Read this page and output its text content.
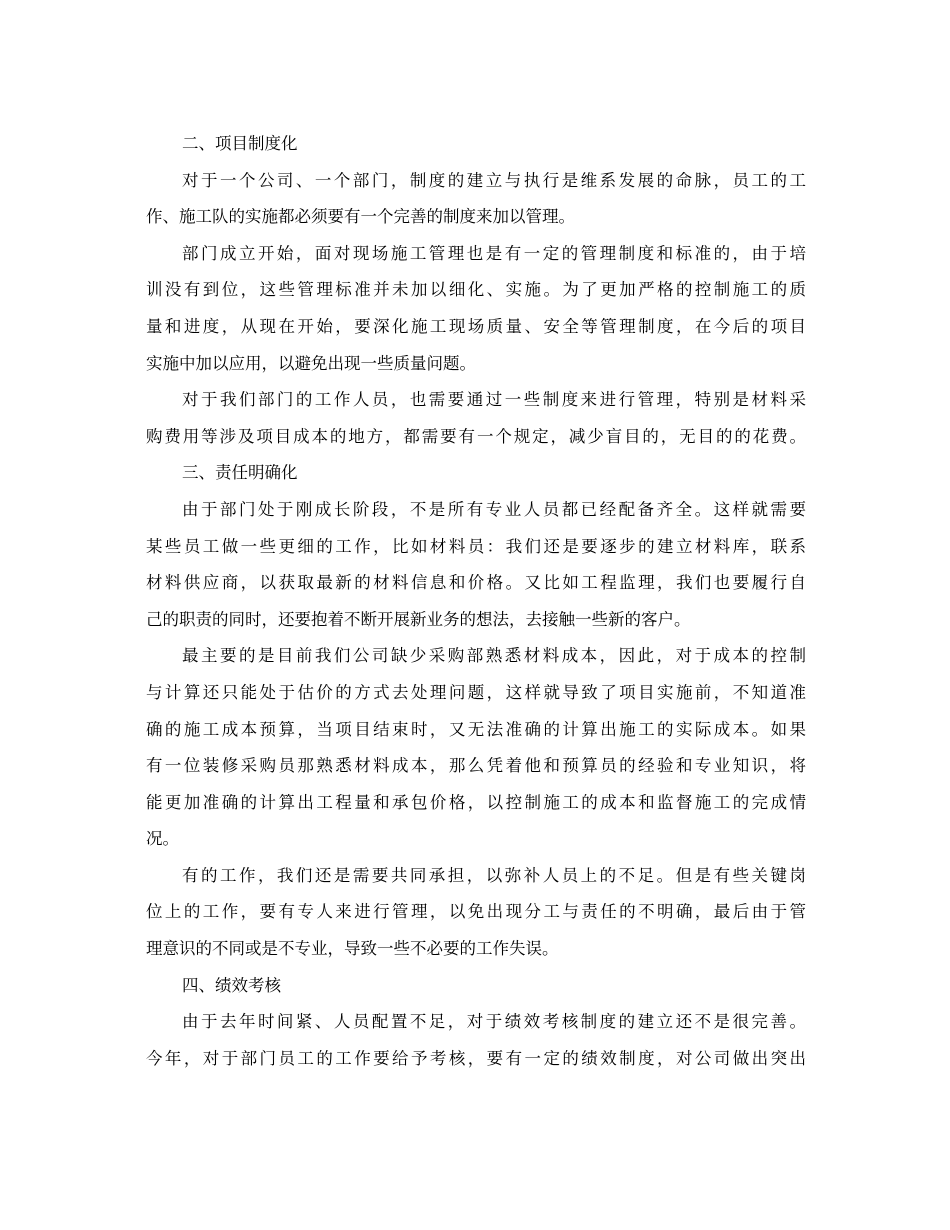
二、项目制度化
对于一个公司、一个部门，制度的建立与执行是维系发展的命脉，员工的工
作、施工队的实施都必须要有一个完善的制度来加以管理。
部门成立开始，面对现场施工管理也是有一定的管理制度和标准的，由于培
训没有到位，这些管理标准并未加以细化、实施。为了更加严格的控制施工的质
量和进度，从现在开始，要深化施工现场质量、安全等管理制度，在今后的项目
实施中加以应用，以避免出现一些质量问题。
对于我们部门的工作人员，也需要通过一些制度来进行管理，特别是材料采
购费用等涉及项目成本的地方，都需要有一个规定，减少盲目的，无目的的花费。
三、责任明确化
由于部门处于刚成长阶段，不是所有专业人员都已经配备齐全。这样就需要
某些员工做一些更细的工作，比如材料员：我们还是要逐步的建立材料库，联系
材料供应商，以获取最新的材料信息和价格。又比如工程监理，我们也要履行自
己的职责的同时，还要抱着不断开展新业务的想法，去接触一些新的客户。
最主要的是目前我们公司缺少采购部熟悉材料成本，因此，对于成本的控制
与计算还只能处于估价的方式去处理问题，这样就导致了项目实施前，不知道准
确的施工成本预算，当项目结束时，又无法准确的计算出施工的实际成本。如果
有一位装修采购员那熟悉材料成本，那么凭着他和预算员的经验和专业知识，将
能更加准确的计算出工程量和承包价格，以控制施工的成本和监督施工的完成情
况。
有的工作，我们还是需要共同承担，以弥补人员上的不足。但是有些关键岗
位上的工作，要有专人来进行管理，以免出现分工与责任的不明确，最后由于管
理意识的不同或是不专业，导致一些不必要的工作失误。
四、绩效考核
由于去年时间紧、人员配置不足，对于绩效考核制度的建立还不是很完善。
今年，对于部门员工的工作要给予考核，要有一定的绩效制度，对公司做出突出
